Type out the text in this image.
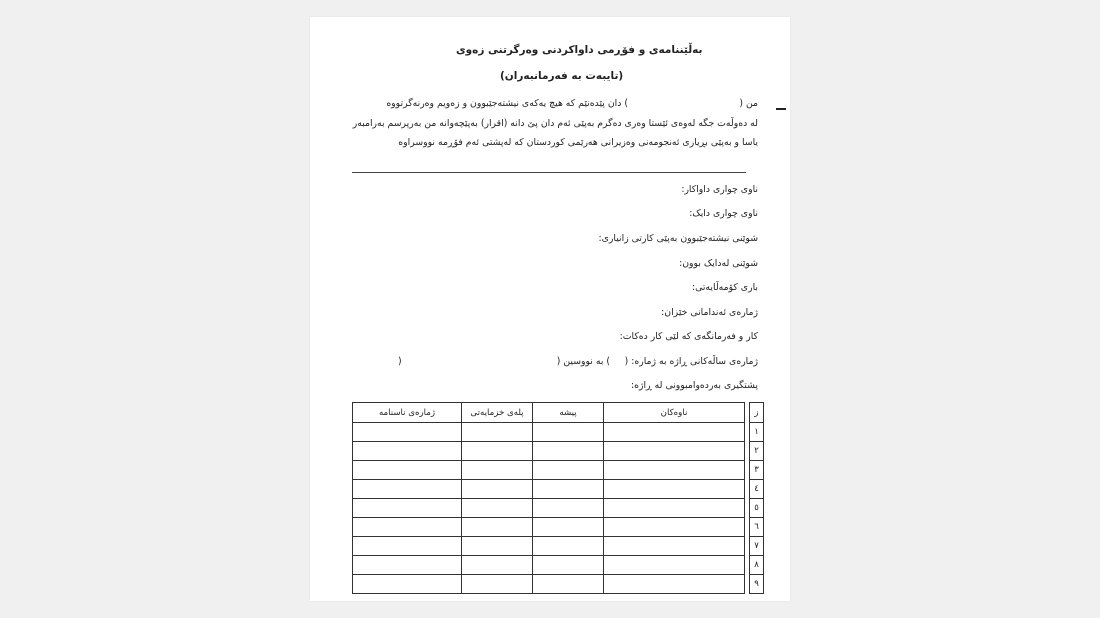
بەڵێننامەی و فۆڕمی داواکردنی وەرگرتنی زەوی
(تایبەت بە فەرمانبەران)
من (
) دان پێدەنێم کە هیچ یەکەی نیشتەجێبوون و زەویم وەرنەگرتووە
لە دەوڵەت جگە لەوەی ئێستا وەری دەگرم بەپێی ئەم دان پێ دانە (اقرار) بەپێچەوانە من بەرپرسم بەرامبەر
یاسا و بەپێی بڕیاری ئەنجومەنی وەزیرانی هەرێمی کوردستان کە لەپشتی ئەم فۆڕمە نووسراوە
ناوی چواری داواکار:
ناوی چواری دایک:
شوێنی نیشتەجێبوون بەپێی کارتی زانیاری:
شوێنی لەدایک بوون:
باری کۆمەڵایەتی:
ژمارەی ئەندامانی خێزان:
کار و فەرمانگەی کە لێی کار دەکات:
ژمارەی ساڵەکانی ڕاژە بە ژمارە: (
) بە نووسین (
)
پشتگیری بەردەوامبوونی لە ڕاژە:
ز		ناوەکان	پیشە	پلەی خزمایەتی	ژمارەی ناسنامە
١					
٢					
٣					
٤					
٥					
٦					
٧					
٨					
٩					
